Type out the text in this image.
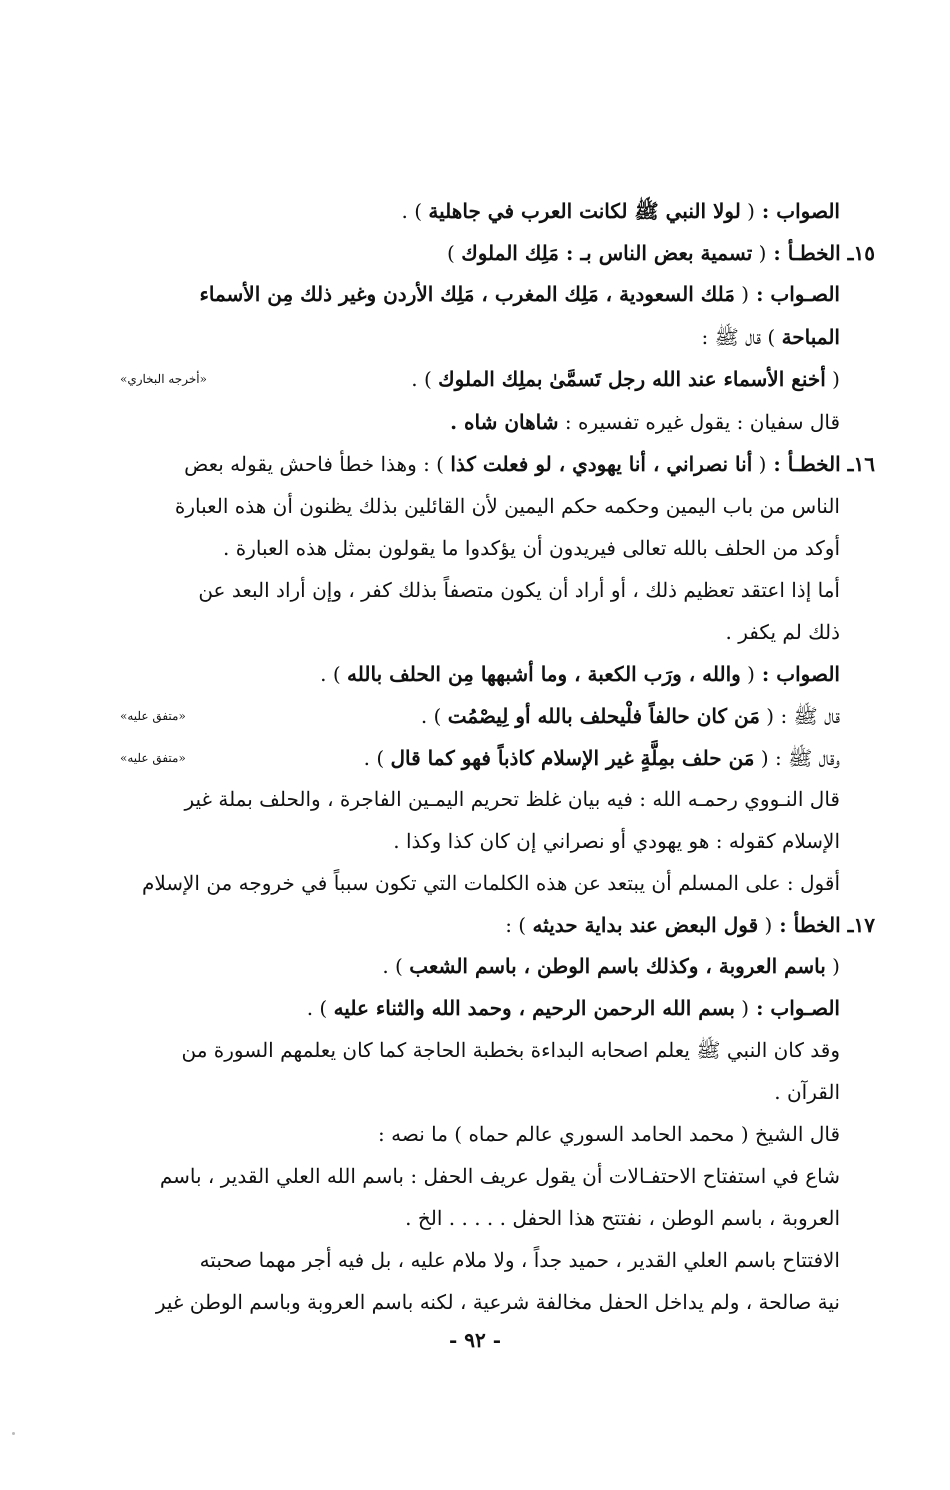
الصواب : ( لولا النبي ﷺ لكانت العرب في جاهلية ) .
١٥ـ الخطـأ : ( تسمية بعض الناس بـ : مَلِك الملوك )
الصـواب : ( مَلك السعودية ، مَلِك المغرب ، مَلِك الأردن وغير ذلك مِن الأسماء
المباحة ) قال ﷺ :
( أخنع الأسماء عند الله رجل تَسمَّىٰ بملِك الملوك ) .
قال سفيان : يقول غيره تفسيره : شاهان شاه .
١٦ـ الخطـأ : ( أنا نصراني ، أنا يهودي ، لو فعلت كذا ) : وهذا خطأ فاحش يقوله بعض
الناس من باب اليمين وحكمه حكم اليمين لأن القائلين بذلك يظنون أن هذه العبارة
أوكد من الحلف بالله تعالى فيريدون أن يؤكدوا ما يقولون بمثل هذه العبارة .
أما إذا اعتقد تعظيم ذلك ، أو أراد أن يكون متصفاً بذلك كفر ، وإن أراد البعد عن
ذلك لم يكفر .
الصواب : ( والله ، ورَب الكعبة ، وما أشبهها مِن الحلف بالله ) .
قال ﷺ : ( مَن كان حالفاً فلْيحلف بالله أو لِيصْمُت ) .
وقال ﷺ : ( مَن حلف بمِلَّةٍ غير الإسلام كاذباً فهو كما قال ) .
قال النـووي رحمـه الله : فيه بيان غلظ تحريم اليمـين الفاجرة ، والحلف بملة غير
الإسلام كقوله : هو يهودي أو نصراني إن كان كذا وكذا .
أقول : على المسلم أن يبتعد عن هذه الكلمات التي تكون سبباً في خروجه من الإسلام
١٧ـ الخطأ : ( قول البعض عند بداية حديثه ) :
( باسم العروبة ، وكذلك باسم الوطن ، باسم الشعب ) .
الصـواب : ( بسم الله الرحمن الرحيم ، وحمد الله والثناء عليه ) .
وقد كان النبي ﷺ يعلم اصحابه البداءة بخطبة الحاجة كما كان يعلمهم السورة من
القرآن .
قال الشيخ ( محمد الحامد السوري عالم حماه ) ما نصه :
شاع في استفتاح الاحتفـالات أن يقول عريف الحفل : باسم الله العلي القدير ، باسم
العروبة ، باسم الوطن ، نفتتح هذا الحفل . . . . . الخ .
الافتتاح باسم العلي القدير ، حميد جداً ، ولا ملام عليه ، بل فيه أجر مهما صحبته
نية صالحة ، ولم يداخل الحفل مخالفة شرعية ، لكنه باسم العروبة وباسم الوطن غير
«أخرجه البخاري»
«متفق عليه»
«متفق عليه»
- ٩٢ -
